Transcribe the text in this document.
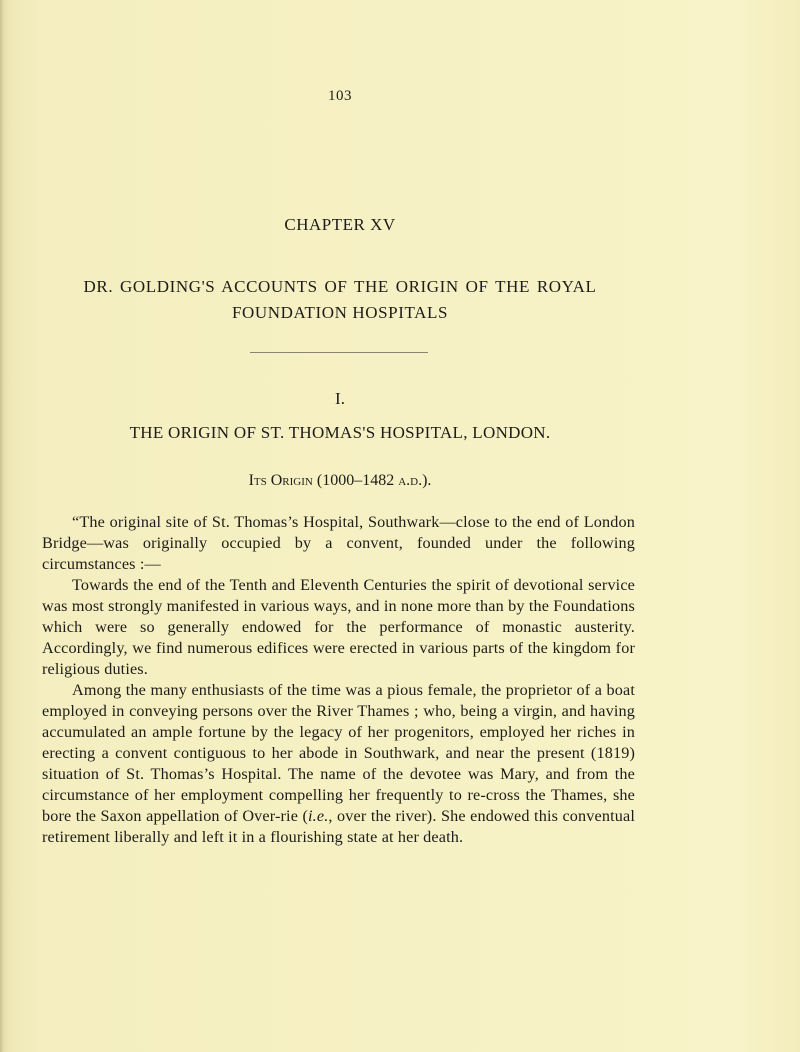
103
CHAPTER XV
DR. GOLDING'S ACCOUNTS OF THE ORIGIN OF THE ROYAL
FOUNDATION HOSPITALS
I.
THE ORIGIN OF ST. THOMAS'S HOSPITAL, LONDON.
Its Origin (1000–1482 a.d.).

“The original site of St. Thomas’s Hospital, Southwark—close to the end of London Bridge—was originally occupied by a convent, founded under the following circumstances :—

Towards the end of the Tenth and Eleventh Centuries the spirit of devotional service was most strongly manifested in various ways, and in none more than by the Foundations which were so generally endowed for the performance of monastic austerity. Accordingly, we find numerous edifices were erected in various parts of the kingdom for religious duties.

Among the many enthusiasts of the time was a pious female, the proprietor of a boat employed in conveying persons over the River Thames ; who, being a virgin, and having accumulated an ample fortune by the legacy of her progenitors, employed her riches in erecting a convent contiguous to her abode in Southwark, and near the present (1819) situation of St. Thomas’s Hospital. The name of the devotee was Mary, and from the circumstance of her employment compelling her frequently to re-cross the Thames, she bore the Saxon appellation of Over-rie (i.e., over the river). She endowed this conventual retirement liberally and left it in a flourishing state at her death.
